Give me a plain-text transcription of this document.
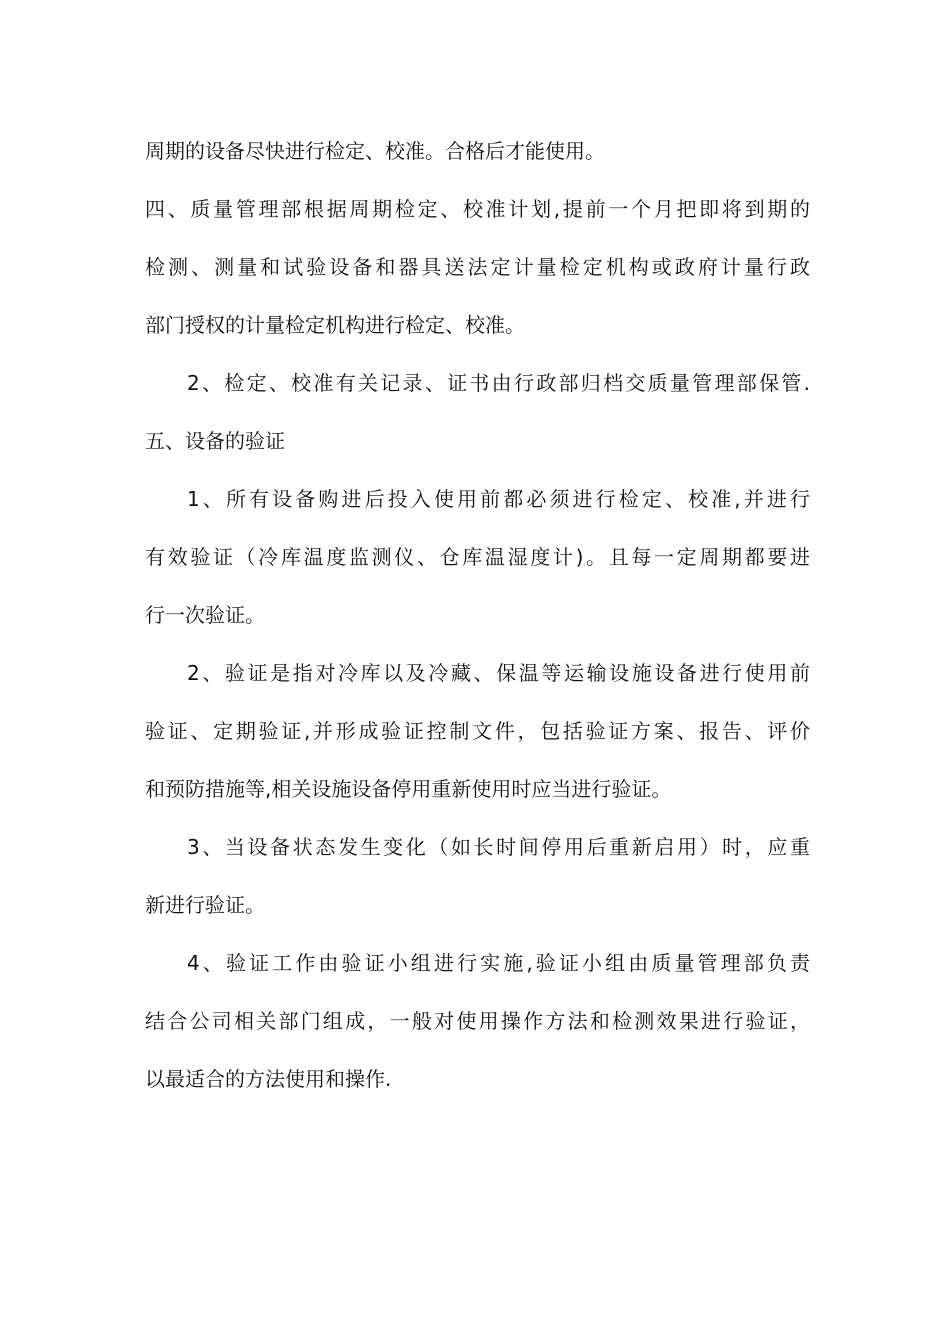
周期的设备尽快进行检定、校准。合格后才能使用。
四、质量管理部根据周期检定、校准计划,提前一个月把即将到期的
检测、测量和试验设备和器具送法定计量检定机构或政府计量行政
部门授权的计量检定机构进行检定、校准。
2、检定、校准有关记录、证书由行政部归档交质量管理部保管.
五、设备的验证
1、所有设备购进后投入使用前都必须进行检定、校准,并进行
有效验证（冷库温度监测仪、仓库温湿度计)。且每一定周期都要进
行一次验证。
2、验证是指对冷库以及冷藏、保温等运输设施设备进行使用前
验证、定期验证,并形成验证控制文件，包括验证方案、报告、评价
和预防措施等,相关设施设备停用重新使用时应当进行验证。
3、当设备状态发生变化（如长时间停用后重新启用）时，应重
新进行验证。
4、验证工作由验证小组进行实施,验证小组由质量管理部负责
结合公司相关部门组成，一般对使用操作方法和检测效果进行验证，
以最适合的方法使用和操作.
